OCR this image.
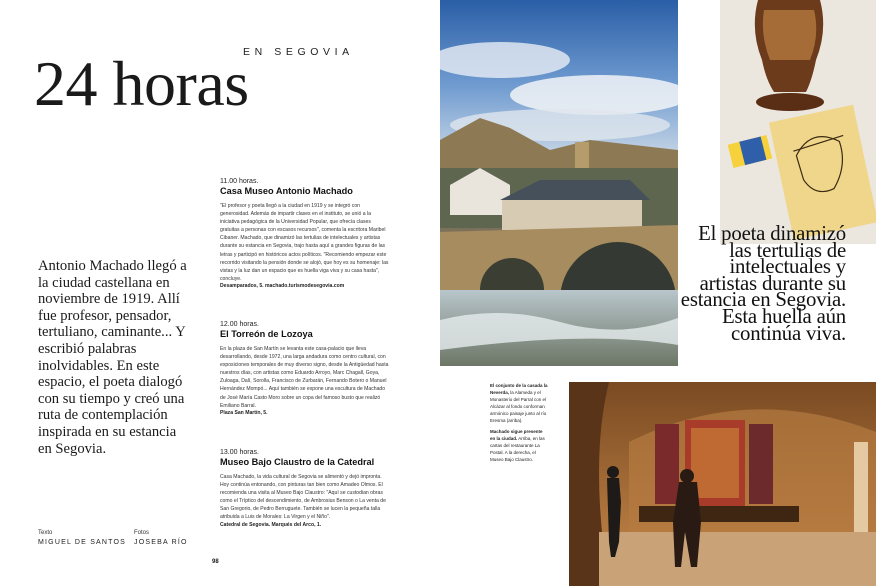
EN SEGOVIA
24 horas
Antonio Machado llegó a la ciudad castellana en noviembre de 1919. Allí fue profesor, pensador, tertuliano, caminante... Y escribió palabras inolvidables. En este espacio, el poeta dialogó con su tiempo y creó una ruta de contemplación inspirada en su estancia en Segovia.
Texto
MIGUEL DE SANTOS
Fotos
JOSEBA RÍO
11.00 horas.
Casa Museo Antonio Machado
"El profesor y poeta llegó a la ciudad en 1919 y se integró con generosidad. Además de impartir clases en el instituto, se unió a la iniciativa pedagógica de la Universidad Popular, que ofrecía clases gratuitas a personas con escasos recursos", comenta la escritora Maribel Cibaner. Machado, que dinamizó las tertulias de intelectuales y artistas durante su estancia en Segovia, trajo hasta aquí a grandes figuras de las letras y participó en históricos actos políticos. "Recomiendo empezar este recorrido visitando la pensión donde se alojó, que hoy es su homenaje: las vistas y la luz dan un espacio que es huella viga viva y su casa hasta", concluye.
Desamparados, 5. machado.turismodesegovia.com
12.00 horas.
El Torreón de Lozoya
En la plaza de San Martín se levanta este casa-palacio que lleva desarrollando, desde 1972, una larga andadura como centro cultural, con exposiciones temporales de muy diverso signo, desde la Antigüedad hasta nuestros días, con artistas como Eduardo Arroyo, Marc Chagall, Goya, Zuloaga, Dalí, Sorolla, Francisco de Zurbarán, Fernando Botero o Manuel Hernández Mompó... Aquí también se expone una escultura de Machado de José María Casto Moro sobre un copa del famoso busto que realizó Emiliano Barral.
Plaza San Martín, 5.
13.00 horas.
Museo Bajo Claustro de la Catedral
Casa Machado, la vida cultural de Segovia se alimentó y dejó impronta. Hoy continúa entonando, con pinturas tan bien como Amadeo Olmos. El recomienda una visita al Museo Bajo Claustro: "Aquí se custodian obras como el Tríptico del descendimiento, de Ambrosius Benson o La venta de San Gregorio, de Pedro Berruguete. También se lucen la pequeña talla atribuida a Luis de Morales: La Virgen y el Niño".
Catedral de Segovia. Marqués del Arco, 1.
98
El poeta dinamizó las tertulias de intelectuales y artistas durante su estancia en Segovia. Esta huella aún continúa viva.
El conjunto de la casada la Neverda, la Alameda y el Monasterio del Parral con el Alcázar al fondo conforman armónico paisaje junto al río Eresma (arriba).
Machado sigue presente en la ciudad. Arriba, en las cartas del restaurante La Postal. A la derecha, el Museo Bajo Claustro.
